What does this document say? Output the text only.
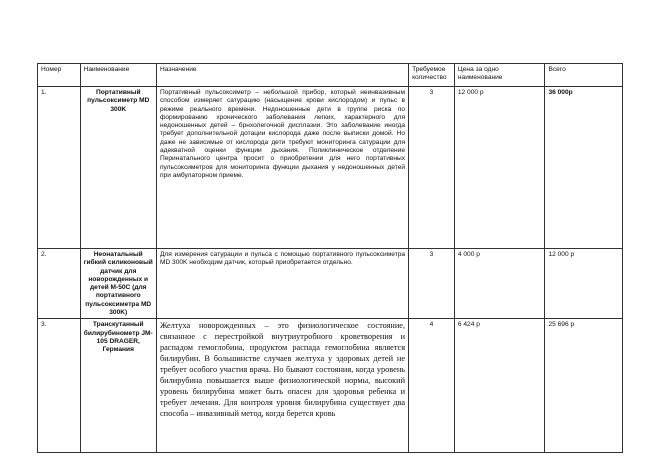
Номер	Наименование	Назначение	Требуемое количество	Цена за одно наименование	Всего
1.	Портативный пульсоксиметр MD 300K	Портативный пульсоксиметр – небольшой прибор, который неинвазивным способом измеряет сатурацию (насыщение крови кислородом) и пульс в режиме реального времени. Недоношенные дети в группе риска по формированию хронического заболевания легких, характерного для недоношенных детей – брнхолегочной дисплазии. Это заболевание иногда требует дополнительной дотации кислорода даже после выписки домой. Но даже не зависимые от кислорода дети требуют мониторинга сатурации для адекватной оценки функции дыхания. Поликлиническое отделение Перинатального центра просит о приобретении для него портативных пульсоксиметров для мониторинга функции дыхания у недоношенных детей при амбулаторном приеме.	3	12 000 р	36 000р
2.	Неонатальный гибкий силиконовый датчик для новорожденных и детей М-50С (для портативного пульсоксиметра MD 300K)	Для измерения сатурации и пульса с помощью портативного пульсоксиметра MD 300K необходим датчик, который приобретается отдельно.	3	4 000 р	12 000 р
3.	Транскутанный билирубинометр JM-105 DRAGER, Германия	Желтуха новорожденных – это физиологическое состояние, связанное с перестройкой внутриутробного кроветворения и распадом гемоглобина, продуктом распада гемоглобина является билирубин. В большинстве случаев желтуха у здоровых детей не требует особого участия врача. Но бывают состояния, когда уровень билирубина повышается выше физиологической нормы, высокий уровень билирубина может быть опасен для здоровья ребенка и требует лечения. Для контроля уровня билирубина существует два способа – инвазивный метод, когда берется кровь	4	6 424 р	25 696 р
